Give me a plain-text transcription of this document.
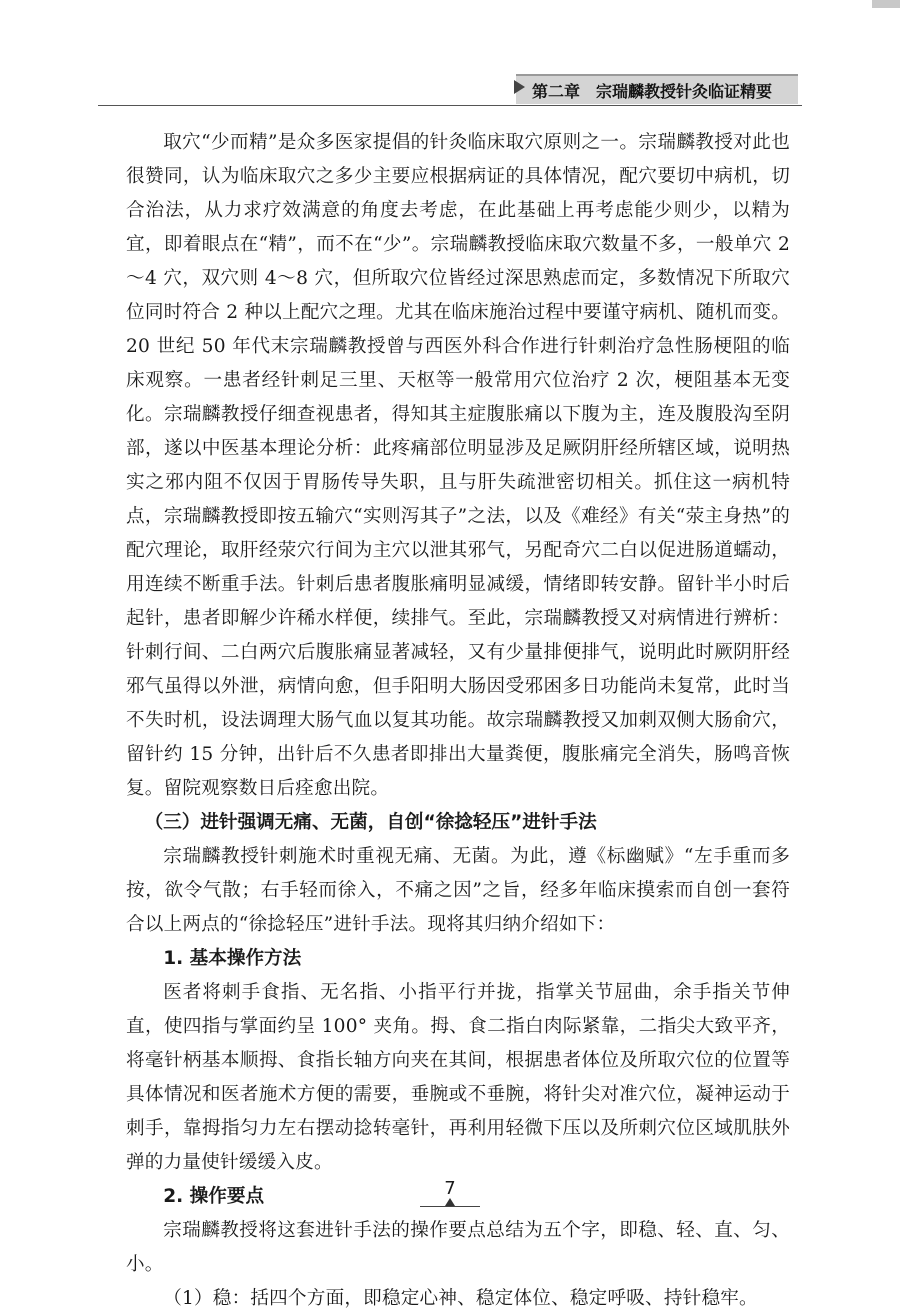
第二章　宗瑞麟教授针灸临证精要

取穴“少而精”是众多医家提倡的针灸临床取穴原则之一。宗瑞麟教授对此也很赞同，认为临床取穴之多少主要应根据病证的具体情况，配穴要切中病机，切合治法，从力求疗效满意的角度去考虑，在此基础上再考虑能少则少，以精为宜，即着眼点在“精”，而不在“少”。宗瑞麟教授临床取穴数量不多，一般单穴 2～4 穴，双穴则 4～8 穴，但所取穴位皆经过深思熟虑而定，多数情况下所取穴位同时符合 2 种以上配穴之理。尤其在临床施治过程中要谨守病机、随机而变。20 世纪 50 年代末宗瑞麟教授曾与西医外科合作进行针刺治疗急性肠梗阻的临床观察。一患者经针刺足三里、天枢等一般常用穴位治疗 2 次，梗阻基本无变化。宗瑞麟教授仔细查视患者，得知其主症腹胀痛以下腹为主，连及腹股沟至阴部，遂以中医基本理论分析：此疼痛部位明显涉及足厥阴肝经所辖区域，说明热实之邪内阻不仅因于胃肠传导失职，且与肝失疏泄密切相关。抓住这一病机特点，宗瑞麟教授即按五输穴“实则泻其子”之法，以及《难经》有关“荥主身热”的配穴理论，取肝经荥穴行间为主穴以泄其邪气，另配奇穴二白以促进肠道蠕动，用连续不断重手法。针刺后患者腹胀痛明显减缓，情绪即转安静。留针半小时后起针，患者即解少许稀水样便，续排气。至此，宗瑞麟教授又对病情进行辨析：针刺行间、二白两穴后腹胀痛显著减轻，又有少量排便排气，说明此时厥阴肝经邪气虽得以外泄，病情向愈，但手阳明大肠因受邪困多日功能尚未复常，此时当不失时机，设法调理大肠气血以复其功能。故宗瑞麟教授又加刺双侧大肠俞穴，留针约 15 分钟，出针后不久患者即排出大量粪便，腹胀痛完全消失，肠鸣音恢复。留院观察数日后痊愈出院。

（三）进针强调无痛、无菌，自创“徐捻轻压”进针手法

宗瑞麟教授针刺施术时重视无痛、无菌。为此，遵《标幽赋》“左手重而多按，欲令气散；右手轻而徐入，不痛之因”之旨，经多年临床摸索而自创一套符合以上两点的“徐捻轻压”进针手法。现将其归纳介绍如下：

1. 基本操作方法

医者将刺手食指、无名指、小指平行并拢，指掌关节屈曲，余手指关节伸直，使四指与掌面约呈 100° 夹角。拇、食二指白肉际紧靠，二指尖大致平齐，将毫针柄基本顺拇、食指长轴方向夹在其间，根据患者体位及所取穴位的位置等具体情况和医者施术方便的需要，垂腕或不垂腕，将针尖对准穴位，凝神运动于刺手，靠拇指匀力左右摆动捻转毫针，再利用轻微下压以及所刺穴位区域肌肤外弹的力量使针缓缓入皮。

2. 操作要点

宗瑞麟教授将这套进针手法的操作要点总结为五个字，即稳、轻、直、匀、小。

（1）稳：括四个方面，即稳定心神、稳定体位、稳定呼吸、持针稳牢。

7
